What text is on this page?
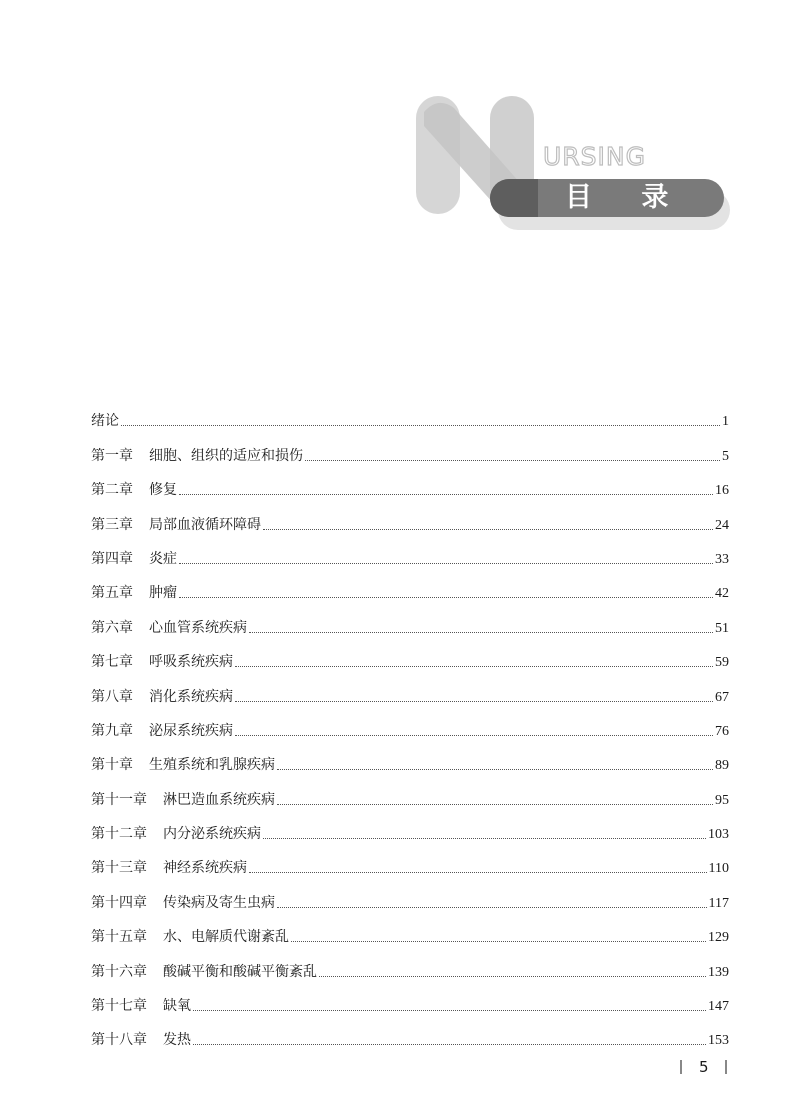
URSING
目 录
绪论	1
第一章 细胞、组织的适应和损伤	5
第二章 修复	16
第三章 局部血液循环障碍	24
第四章 炎症	33
第五章 肿瘤	42
第六章 心血管系统疾病	51
第七章 呼吸系统疾病	59
第八章 消化系统疾病	67
第九章 泌尿系统疾病	76
第十章 生殖系统和乳腺疾病	89
第十一章 淋巴造血系统疾病	95
第十二章 内分泌系统疾病	103
第十三章 神经系统疾病	110
第十四章 传染病及寄生虫病	117
第十五章 水、电解质代谢紊乱	129
第十六章 酸碱平衡和酸碱平衡紊乱	139
第十七章 缺氧	147
第十八章 发热	153
5
